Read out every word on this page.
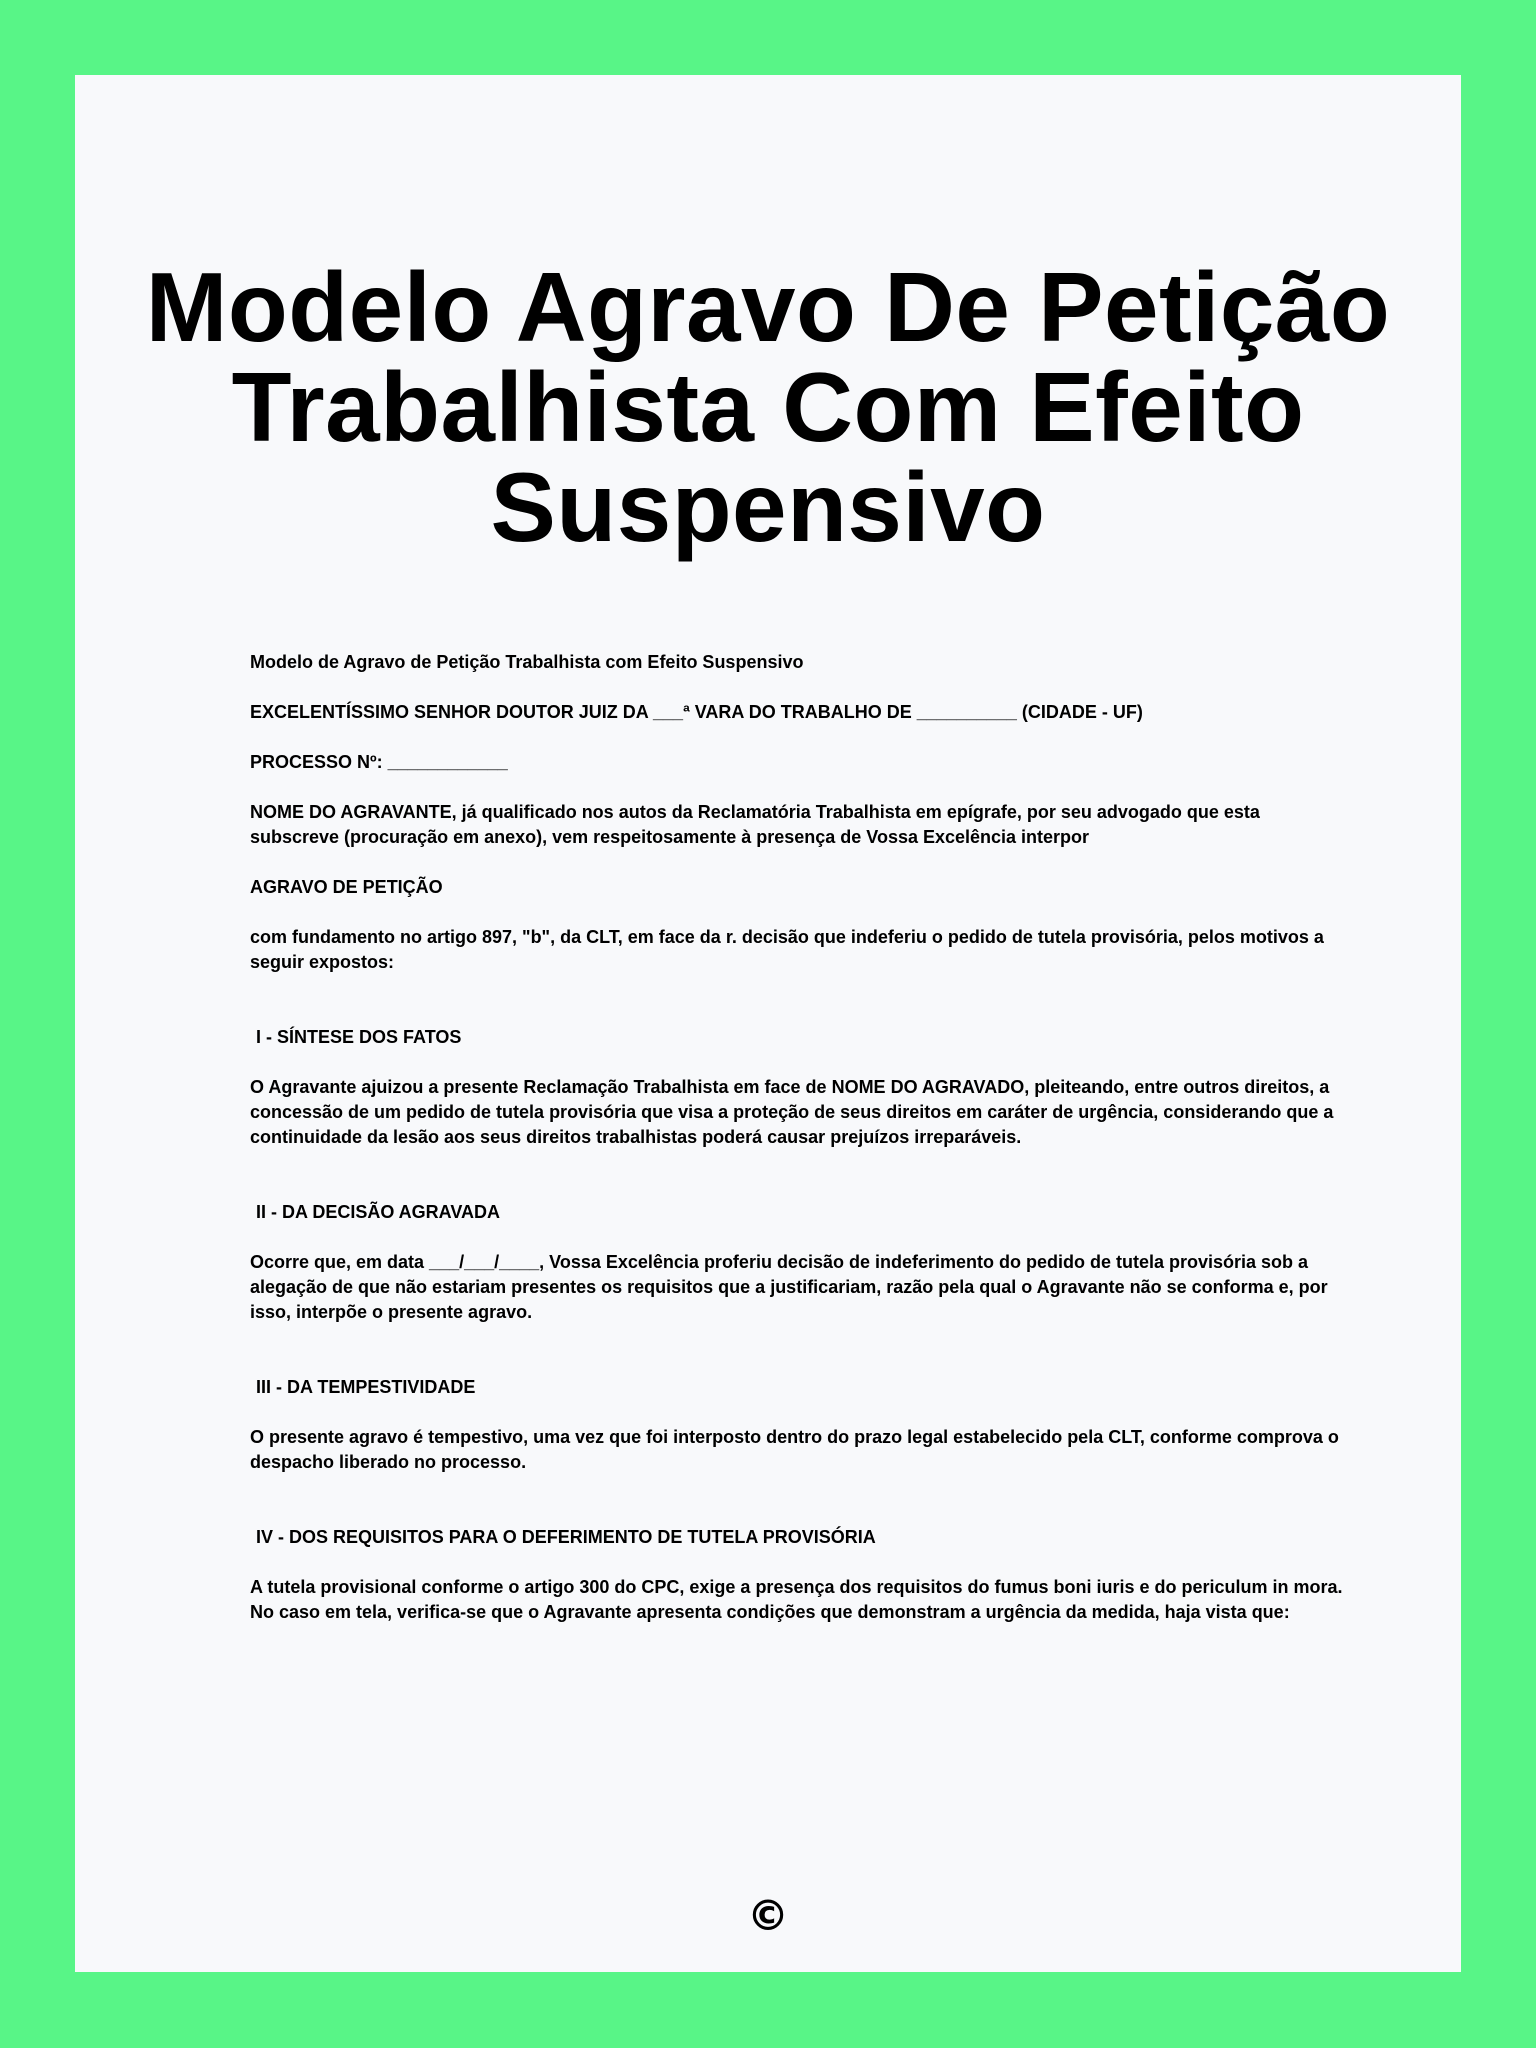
Modelo Agravo De Petição Trabalhista Com Efeito Suspensivo

Modelo de Agravo de Petição Trabalhista com Efeito Suspensivo

EXCELENTÍSSIMO SENHOR DOUTOR JUIZ DA ___ª VARA DO TRABALHO DE __________ (CIDADE - UF)

PROCESSO Nº: ____________

NOME DO AGRAVANTE, já qualificado nos autos da Reclamatória Trabalhista em epígrafe, por seu advogado que esta subscreve (procuração em anexo), vem respeitosamente à presença de Vossa Excelência interpor

AGRAVO DE PETIÇÃO

com fundamento no artigo 897, "b", da CLT, em face da r. decisão que indeferiu o pedido de tutela provisória, pelos motivos a seguir expostos:

I - SÍNTESE DOS FATOS

O Agravante ajuizou a presente Reclamação Trabalhista em face de NOME DO AGRAVADO, pleiteando, entre outros direitos, a concessão de um pedido de tutela provisória que visa a proteção de seus direitos em caráter de urgência, considerando que a continuidade da lesão aos seus direitos trabalhistas poderá causar prejuízos irreparáveis.

II - DA DECISÃO AGRAVADA

Ocorre que, em data ___/___/____, Vossa Excelência proferiu decisão de indeferimento do pedido de tutela provisória sob a alegação de que não estariam presentes os requisitos que a justificariam, razão pela qual o Agravante não se conforma e, por isso, interpõe o presente agravo.

III - DA TEMPESTIVIDADE

O presente agravo é tempestivo, uma vez que foi interposto dentro do prazo legal estabelecido pela CLT, conforme comprova o despacho liberado no processo.

IV - DOS REQUISITOS PARA O DEFERIMENTO DE TUTELA PROVISÓRIA

A tutela provisional conforme o artigo 300 do CPC, exige a presença dos requisitos do fumus boni iuris e do periculum in mora. No caso em tela, verifica-se que o Agravante apresenta condições que demonstram a urgência da medida, haja vista que:

©
